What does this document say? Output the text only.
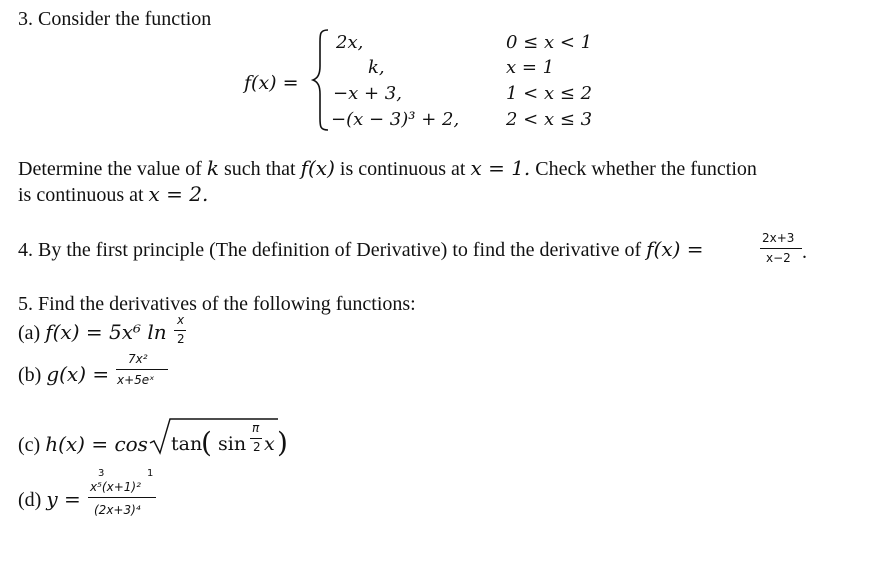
3. Consider the function
f(x) =
2x,
k,
−x + 3,
−(x − 3)³ + 2,
0 ≤ x < 1
x = 1
1 < x ≤ 2
2 < x ≤ 3
Determine the value of k such that f(x) is continuous at x = 1. Check whether the function
is continuous at x = 2.
4. By the first principle (The definition of Derivative) to find the derivative of f(x) =	2x+3
x−2 .
5. Find the derivatives of the following functions:
(a) f(x) = 5x⁶ ln x
2
(b) g(x) =
7x²
x+5eˣ
(c) h(x) = cos tan
( sin
π
2 x )
(d) y =
3	1
x⁵(x+1)²
(2x+3)⁴
